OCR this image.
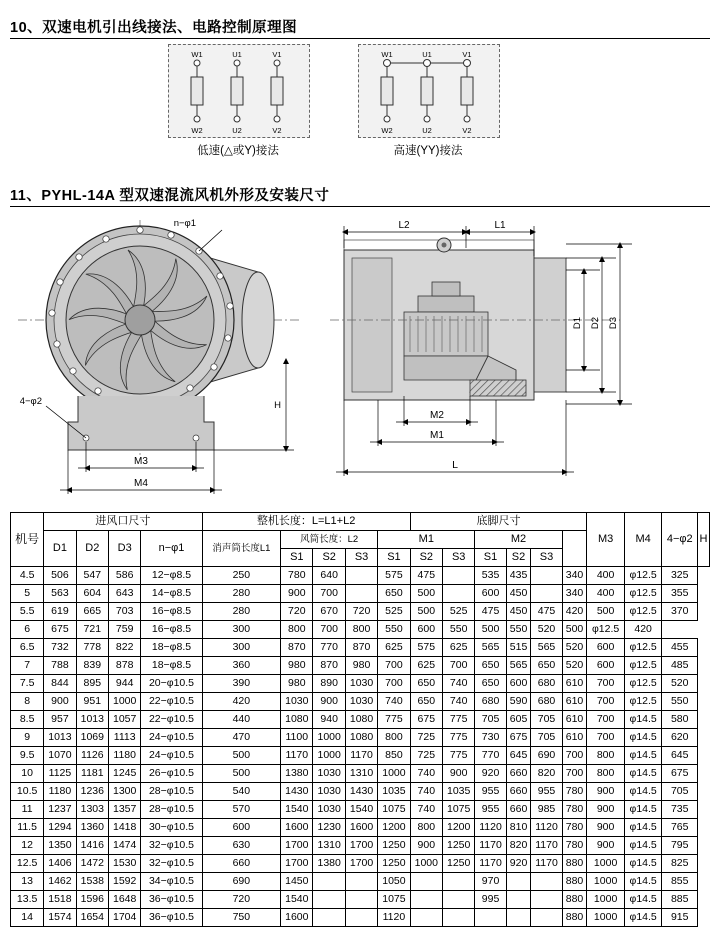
10、双速电机引出线接法、电路控制原理图
W1	U1	V1
W2	U2	V2
W1	U1	V1
W2	U2	V2
低速(△或Y)接法	高速(YY)接法
11、PYHL-14A 型双速混流风机外形及安装尺寸
n−φ1
4−φ2	H
M3
M4
L2	L1
D1 D2 D3
M2
M1
L
机号	进风口尺寸				整机长度：L=L1+L2					底脚尺寸						M3	M4	4−φ2	H
	D1	D2	D3	n−φ1	消声筒长度L1	风筒长度：L2			M1			M2							
						S1	S2	S3	S1	S2	S3	S1	S2	S3					
4.5	506	547	586	12−φ8.5	250	780	640		575	475		535	435		340	400	φ12.5	325	
5	563	604	643	14−φ8.5	280	900	700		650	500		600	450		340	400	φ12.5	355	
5.5	619	665	703	16−φ8.5	280	720	670	720	525	500	525	475	450	475	420	500	φ12.5	370	
6	675	721	759	16−φ8.5	300	800	700	800	550	600	550	500	550	520	500	φ12.5	420		
6.5	732	778	822	18−φ8.5	300	870	770	870	625	575	625	565	515	565	520	600	φ12.5	455	
7	788	839	878	18−φ8.5	360	980	870	980	700	625	700	650	565	650	520	600	φ12.5	485	
7.5	844	895	944	20−φ10.5	390	980	890	1030	700	650	740	650	600	680	610	700	φ12.5	520	
8	900	951	1000	22−φ10.5	420	1030	900	1030	740	650	740	680	590	680	610	700	φ12.5	550	
8.5	957	1013	1057	22−φ10.5	440	1080	940	1080	775	675	775	705	605	705	610	700	φ14.5	580	
9	1013	1069	1113	24−φ10.5	470	1100	1000	1080	800	725	775	730	675	705	610	700	φ14.5	620	
9.5	1070	1126	1180	24−φ10.5	500	1170	1000	1170	850	725	775	770	645	690	700	800	φ14.5	645	
10	1125	1181	1245	26−φ10.5	500	1380	1030	1310	1000	740	900	920	660	820	700	800	φ14.5	675	
10.5	1180	1236	1300	28−φ10.5	540	1430	1030	1430	1035	740	1035	955	660	955	780	900	φ14.5	705	
11	1237	1303	1357	28−φ10.5	570	1540	1030	1540	1075	740	1075	955	660	985	780	900	φ14.5	735	
11.5	1294	1360	1418	30−φ10.5	600	1600	1230	1600	1200	800	1200	1120	810	1120	780	900	φ14.5	765	
12	1350	1416	1474	32−φ10.5	630	1700	1310	1700	1250	900	1250	1170	820	1170	780	900	φ14.5	795	
12.5	1406	1472	1530	32−φ10.5	660	1700	1380	1700	1250	1000	1250	1170	920	1170	880	1000	φ14.5	825	
13	1462	1538	1592	34−φ10.5	690	1450			1050			970			880	1000	φ14.5	855	
13.5	1518	1596	1648	36−φ10.5	720	1540			1075			995			880	1000	φ14.5	885	
14	1574	1654	1704	36−φ10.5	750	1600			1120						880	1000	φ14.5	915	
